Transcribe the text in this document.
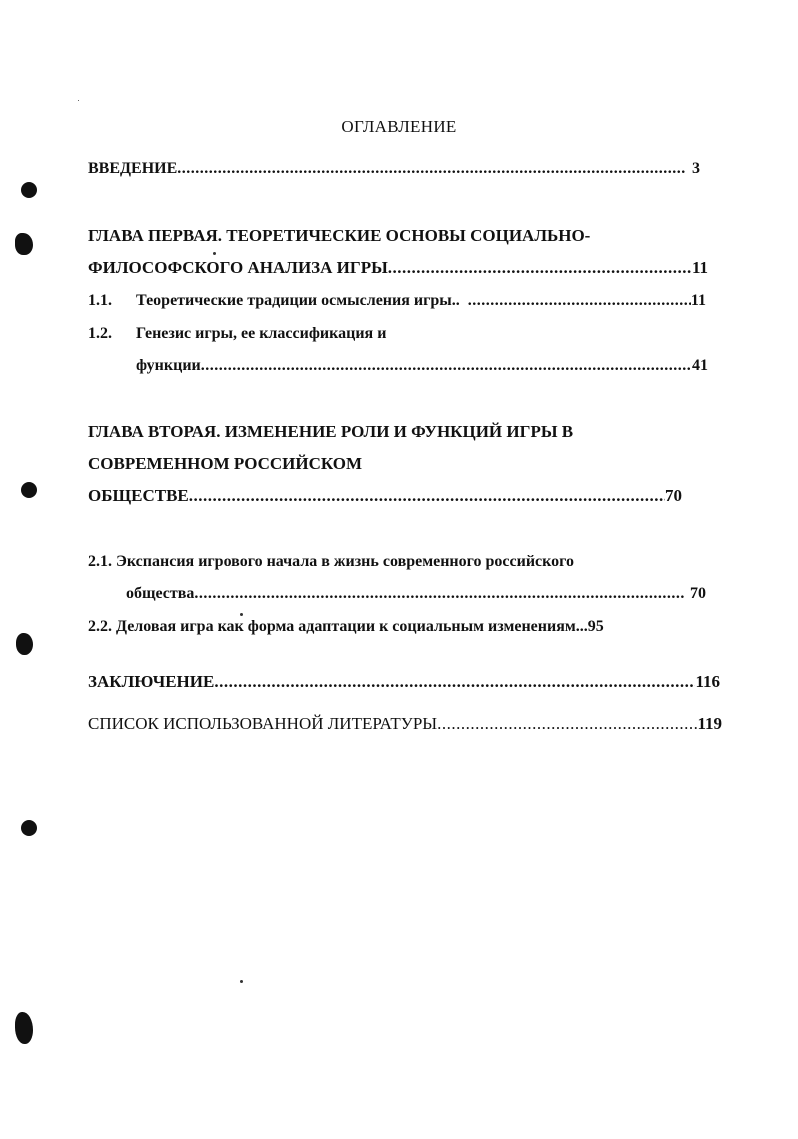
ОГЛАВЛЕНИЕ
ВВЕДЕНИЕ .....	3
ГЛАВА ПЕРВАЯ. ТЕОРЕТИЧЕСКИЕ ОСНОВЫ СОЦИАЛЬНО-
ФИЛОСОФСКОГО АНАЛИЗА ИГРЫ .....	11
1.1.	Теоретические традиции осмысления игры.. .....	11
1.2.	Генезис игры, ее классификация и
функции .....	41
ГЛАВА ВТОРАЯ. ИЗМЕНЕНИЕ РОЛИ И ФУНКЦИЙ ИГРЫ В
СОВРЕМЕННОМ РОССИЙСКОМ
ОБЩЕСТВЕ .....	70
2.1. Экспансия игрового начала в жизнь современного российского
общества .....	70
2.2. Деловая игра как форма адаптации к социальным изменениям... 95
ЗАКЛЮЧЕНИЕ .....	116
СПИСОК ИСПОЛЬЗОВАННОЙ ЛИТЕРАТУРЫ .....	119
